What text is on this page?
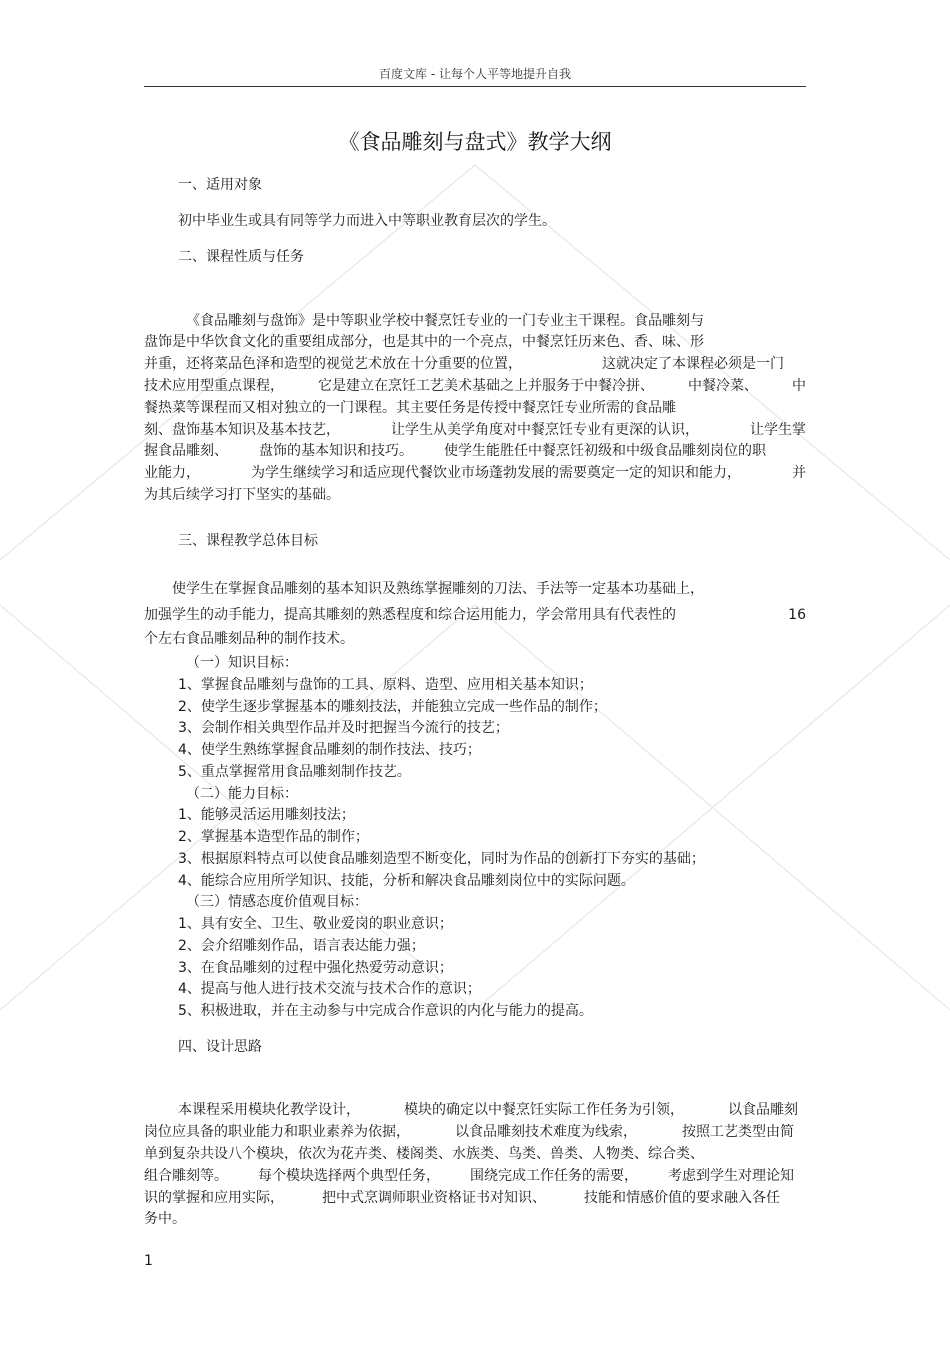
百度文库 - 让每个人平等地提升自我
《食品雕刻与盘式》教学大纲
一、适用对象
初中毕业生或具有同等学力而进入中等职业教育层次的学生。
二、课程性质与任务
《食品雕刻与盘饰》是中等职业学校中餐烹饪专业的一门专业主干课程。食品雕刻与
盘饰是中华饮食文化的重要组成部分，也是其中的一个亮点，中餐烹饪历来色、香、味、形
并重，还将菜品色泽和造型的视觉艺术放在十分重要的位置，	这就决定了本课程必须是一门
技术应用型重点课程， 它是建立在烹饪工艺美术基础之上并服务于中餐冷拼、 中餐冷菜、 中
餐热菜等课程而又相对独立的一门课程。其主要任务是传授中餐烹饪专业所需的食品雕
刻、盘饰基本知识及基本技艺，	让学生从美学角度对中餐烹饪专业有更深的认识，	让学生掌
握食品雕刻、 盘饰的基本知识和技巧。 使学生能胜任中餐烹饪初级和中级食品雕刻岗位的职
业能力，	为学生继续学习和适应现代餐饮业市场蓬勃发展的需要奠定一定的知识和能力，	并
为其后续学习打下坚实的基础。
三、课程教学总体目标
使学生在掌握食品雕刻的基本知识及熟练掌握雕刻的刀法、手法等一定基本功基础上，
加强学生的动手能力，提高其雕刻的熟悉程度和综合运用能力，学会常用具有代表性的	16
个左右食品雕刻品种的制作技术。
（一）知识目标：
1、掌握食品雕刻与盘饰的工具、原料、造型、应用相关基本知识；
2、使学生逐步掌握基本的雕刻技法，并能独立完成一些作品的制作；
3、会制作相关典型作品并及时把握当今流行的技艺；
4、使学生熟练掌握食品雕刻的制作技法、技巧；
5、重点掌握常用食品雕刻制作技艺。
（二）能力目标：
1、能够灵活运用雕刻技法；
2、掌握基本造型作品的制作；
3、根据原料特点可以使食品雕刻造型不断变化，同时为作品的创新打下夯实的基础；
4、能综合应用所学知识、技能，分析和解决食品雕刻岗位中的实际问题。
（三）情感态度价值观目标：
1、具有安全、卫生、敬业爱岗的职业意识；
2、会介绍雕刻作品，语言表达能力强；
3、在食品雕刻的过程中强化热爱劳动意识；
4、提高与他人进行技术交流与技术合作的意识；
5、积极进取，并在主动参与中完成合作意识的内化与能力的提高。
四、设计思路
本课程采用模块化教学设计，	模块的确定以中餐烹饪实际工作任务为引领，	以食品雕刻
岗位应具备的职业能力和职业素养为依据，	以食品雕刻技术难度为线索，	按照工艺类型由简
单到复杂共设八个模块，依次为花卉类、楼阁类、水族类、鸟类、兽类、人物类、综合类、
组合雕刻等。 每个模块选择两个典型任务， 围绕完成工作任务的需要， 考虑到学生对理论知
识的掌握和应用实际，	把中式烹调师职业资格证书对知识、	技能和情感价值的要求融入各任
务中。
1
